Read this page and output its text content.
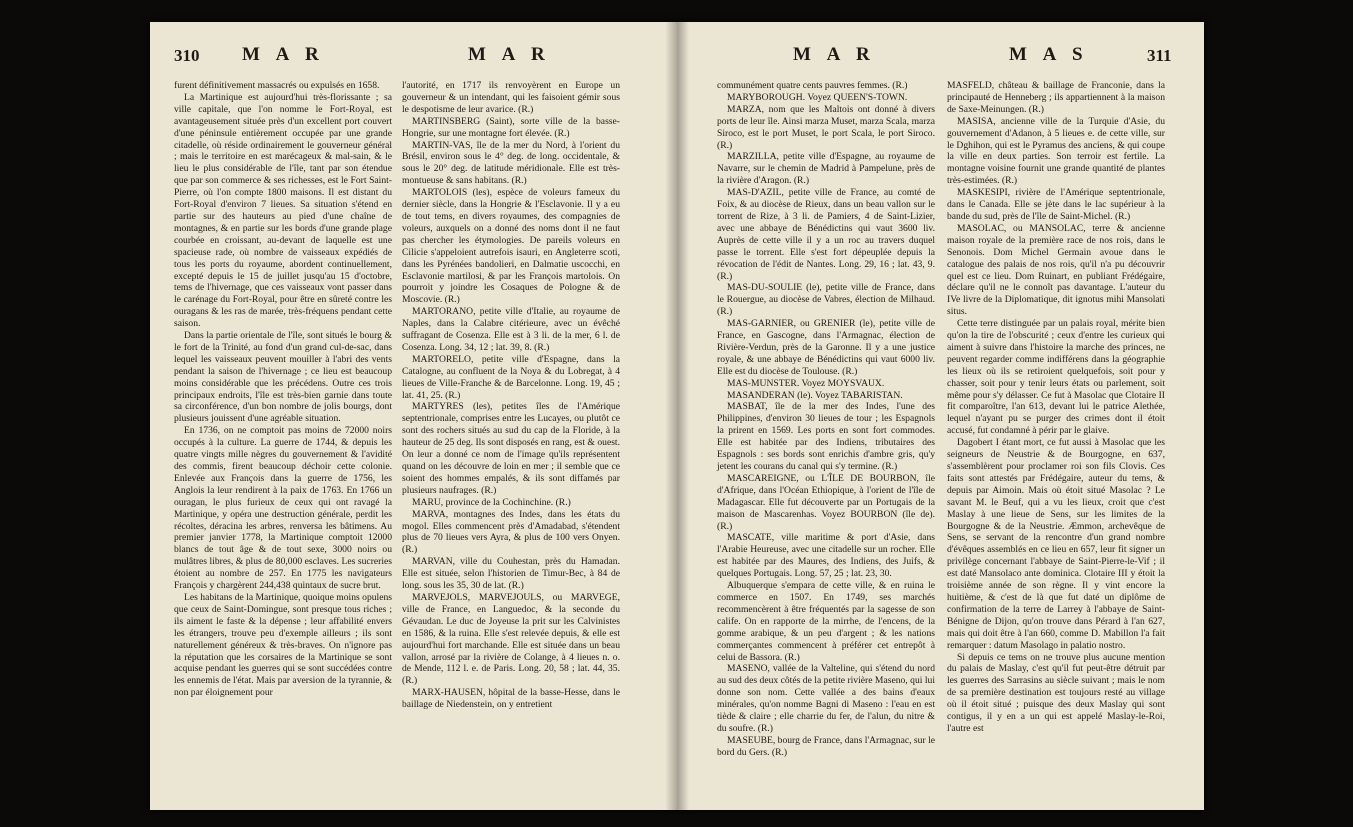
310 M A R	M A R

furent définitivement massacrés ou expulsés en 1658.

La Martinique est aujourd'hui très-florissante ; sa ville capitale, que l'on nomme le Fort-Royal, est avantageusement située près d'un excellent port couvert d'une péninsule entièrement occupée par une grande citadelle, où réside ordinairement le gouverneur général ; mais le territoire en est marécageux & mal-sain, & le lieu le plus considérable de l'île, tant par son étendue que par son commerce & ses richesses, est le Fort Saint-Pierre, où l'on compte 1800 maisons. Il est distant du Fort-Royal d'environ 7 lieues. Sa situation s'étend en partie sur des hauteurs au pied d'une chaîne de montagnes, & en partie sur les bords d'une grande plage courbée en croissant, au-devant de laquelle est une spacieuse rade, où nombre de vaisseaux expédiés de tous les ports du royaume, abordent continuellement, excepté depuis le 15 de juillet jusqu'au 15 d'octobre, tems de l'hivernage, que ces vaisseaux vont passer dans le carénage du Fort-Royal, pour être en sûreté contre les ouragans & les ras de marée, très-fréquens pendant cette saison.

Dans la partie orientale de l'île, sont situés le bourg & le fort de la Trinité, au fond d'un grand cul-de-sac, dans lequel les vaisseaux peuvent mouiller à l'abri des vents pendant la saison de l'hivernage ; ce lieu est beaucoup moins considérable que les précédens. Outre ces trois principaux endroits, l'île est très-bien garnie dans toute sa circonférence, d'un bon nombre de jolis bourgs, dont plusieurs jouissent d'une agréable situation.

En 1736, on ne comptoit pas moins de 72000 noirs occupés à la culture. La guerre de 1744, & depuis les quatre vingts mille nègres du gouvernement & l'avidité des commis, firent beaucoup déchoir cette colonie. Enlevée aux François dans la guerre de 1756, les Anglois la leur rendirent à la paix de 1763. En 1766 un ouragan, le plus furieux de ceux qui ont ravagé la Martinique, y opéra une destruction générale, perdit les récoltes, déracina les arbres, renversa les bâtimens. Au premier janvier 1778, la Martinique comptoit 12000 blancs de tout âge & de tout sexe, 3000 noirs ou mulâtres libres, & plus de 80,000 esclaves. Les sucreries étoient au nombre de 257. En 1775 les navigateurs François y chargèrent 244,438 quintaux de sucre brut.

Les habitans de la Martinique, quoique moins opulens que ceux de Saint-Domingue, sont presque tous riches ; ils aiment le faste & la dépense ; leur affabilité envers les étrangers, trouve peu d'exemple ailleurs ; ils sont naturellement généreux & très-braves. On n'ignore pas la réputation que les corsaires de la Martinique se sont acquise pendant les guerres qui se sont succédées contre les ennemis de l'état. Mais par aversion de la tyrannie, & non par éloignement pour

l'autorité, en 1717 ils renvoyèrent en Europe un gouverneur & un intendant, qui les faisoient gémir sous le despotisme de leur avarice. (R.)

MARTINSBERG (Saint), sorte ville de la basse-Hongrie, sur une montagne fort élevée. (R.)

MARTIN-VAS, île de la mer du Nord, à l'orient du Brésil, environ sous le 4° deg. de long. occidentale, & sous le 20° deg. de latitude méridionale. Elle est très-montueuse & sans habitans. (R.)

MARTOLOIS (les), espèce de voleurs fameux du dernier siècle, dans la Hongrie & l'Esclavonie. Il y a eu de tout tems, en divers royaumes, des compagnies de voleurs, auxquels on a donné des noms dont il ne faut pas chercher les étymologies. De pareils voleurs en Cilicie s'appeloient autrefois isauri, en Angleterre scoti, dans les Pyrénées bandolieri, en Dalmatie uscocchi, en Esclavonie martilosi, & par les François martolois. On pourroit y joindre les Cosaques de Pologne & de Moscovie. (R.)

MARTORANO, petite ville d'Italie, au royaume de Naples, dans la Calabre citérieure, avec un évêché suffragant de Cosenza. Elle est à 3 li. de la mer, 6 l. de Cosenza. Long. 34, 12 ; lat. 39, 8. (R.)

MARTORELO, petite ville d'Espagne, dans la Catalogne, au confluent de la Noya & du Lobregat, à 4 lieues de Ville-Franche & de Barcelonne. Long. 19, 45 ; lat. 41, 25. (R.)

MARTYRES (les), petites îles de l'Amérique septentrionale, comprises entre les Lucayes, ou plutôt ce sont des rochers situés au sud du cap de la Floride, à la hauteur de 25 deg. Ils sont disposés en rang, est & ouest. On leur a donné ce nom de l'image qu'ils représentent quand on les découvre de loin en mer ; il semble que ce soient des hommes empalés, & ils sont diffamés par plusieurs naufrages. (R.)

MARU, province de la Cochinchine. (R.)

MARVA, montagnes des Indes, dans les états du mogol. Elles commencent près d'Amadabad, s'étendent plus de 70 lieues vers Ayra, & plus de 100 vers Onyen. (R.)

MARVAN, ville du Couhestan, près du Hamadan. Elle est située, selon l'historien de Timur-Bec, à 84 de long. sous les 35, 30 de lat. (R.)

MARVEJOLS, MARVEJOULS, ou MARVEGE, ville de France, en Languedoc, & la seconde du Gévaudan. Le duc de Joyeuse la prit sur les Calvinistes en 1586, & la ruina. Elle s'est relevée depuis, & elle est aujourd'hui fort marchande. Elle est située dans un beau vallon, arrosé par la rivière de Colange, à 4 lieues n. o. de Mende, 112 l. e. de Paris. Long. 20, 58 ; lat. 44, 35. (R.)

MARX-HAUSEN, hôpital de la basse-Hesse, dans le baillage de Niedenstein, on y entretient

M A R	M A S	311

communément quatre cents pauvres femmes. (R.)

MARYBOROUGH. Voyez QUEEN'S-TOWN.

MARZA, nom que les Maltois ont donné à divers ports de leur île. Ainsi marza Muset, marza Scala, marza Siroco, est le port Muset, le port Scala, le port Siroco. (R.)

MARZILLA, petite ville d'Espagne, au royaume de Navarre, sur le chemin de Madrid à Pampelune, près de la rivière d'Aragon. (R.)

MAS-D'AZIL, petite ville de France, au comté de Foix, & au diocèse de Rieux, dans un beau vallon sur le torrent de Rize, à 3 li. de Pamiers, 4 de Saint-Lizier, avec une abbaye de Bénédictins qui vaut 3600 liv. Auprès de cette ville il y a un roc au travers duquel passe le torrent. Elle s'est fort dépeuplée depuis la révocation de l'édit de Nantes. Long. 29, 16 ; lat. 43, 9. (R.)

MAS-DU-SOULIE (le), petite ville de France, dans le Rouergue, au diocèse de Vabres, élection de Milhaud. (R.)

MAS-GARNIER, ou GRENIER (le), petite ville de France, en Gascogne, dans l'Armagnac, élection de Rivière-Verdun, près de la Garonne. Il y a une justice royale, & une abbaye de Bénédictins qui vaut 6000 liv. Elle est du diocèse de Toulouse. (R.)

MAS-MUNSTER. Voyez MOYSVAUX.

MASANDERAN (le). Voyez TABARISTAN.

MASBAT, île de la mer des Indes, l'une des Philippines, d'environ 30 lieues de tour ; les Espagnols la prirent en 1569. Les ports en sont fort commodes. Elle est habitée par des Indiens, tributaires des Espagnols : ses bords sont enrichis d'ambre gris, qu'y jetent les courans du canal qui s'y termine. (R.)

MASCAREIGNE, ou L'ÎLE DE BOURBON, île d'Afrique, dans l'Océan Ethiopique, à l'orient de l'île de Madagascar. Elle fut découverte par un Portugais de la maison de Mascarenhas. Voyez BOURBON (île de). (R.)

MASCATE, ville maritime & port d'Asie, dans l'Arabie Heureuse, avec une citadelle sur un rocher. Elle est habitée par des Maures, des Indiens, des Juifs, & quelques Portugais. Long. 57, 25 ; lat. 23, 30.

Albuquerque s'empara de cette ville, & en ruina le commerce en 1507. En 1749, ses marchés recommencèrent à être fréquentés par la sagesse de son calife. On en rapporte de la mirrhe, de l'encens, de la gomme arabique, & un peu d'argent ; & les nations commerçantes commencent à préférer cet entrepôt à celui de Bassora. (R.)

MASENO, vallée de la Valteline, qui s'étend du nord au sud des deux côtés de la petite rivière Maseno, qui lui donne son nom. Cette vallée a des bains d'eaux minérales, qu'on nomme Bagni di Maseno : l'eau en est tiède & claire ; elle charrie du fer, de l'alun, du nitre & du soufre. (R.)

MASEUBE, bourg de France, dans l'Armagnac, sur le bord du Gers. (R.)

MASFELD, château & baillage de Franconie, dans la principauté de Henneberg ; ils appartiennent à la maison de Saxe-Meinungen. (R.)

MASISA, ancienne ville de la Turquie d'Asie, du gouvernement d'Adanon, à 5 lieues e. de cette ville, sur le Dghihon, qui est le Pyramus des anciens, & qui coupe la ville en deux parties. Son terroir est fertile. La montagne voisine fournit une grande quantité de plantes très-estimées. (R.)

MASKESIPI, rivière de l'Amérique septentrionale, dans le Canada. Elle se jète dans le lac supérieur à la bande du sud, près de l'île de Saint-Michel. (R.)

MASOLAC, ou MANSOLAC, terre & ancienne maison royale de la première race de nos rois, dans le Senonois. Dom Michel Germain avoue dans le catalogue des palais de nos rois, qu'il n'a pu découvrir quel est ce lieu. Dom Ruinart, en publiant Frédégaire, déclare qu'il ne le connoît pas davantage. L'auteur du IVe livre de la Diplomatique, dit ignotus mihi Mansolati situs.

Cette terre distinguée par un palais royal, mérite bien qu'on la tire de l'obscurité ; ceux d'entre les curieux qui aiment à suivre dans l'histoire la marche des princes, ne peuvent regarder comme indifférens dans la géographie les lieux où ils se retiroient quelquefois, soit pour y chasser, soit pour y tenir leurs états ou parlement, soit même pour s'y délasser. Ce fut à Masolac que Clotaire II fit comparoître, l'an 613, devant lui le patrice Alethée, lequel n'ayant pu se purger des crimes dont il étoit accusé, fut condamné à périr par le glaive.

Dagobert I étant mort, ce fut aussi à Masolac que les seigneurs de Neustrie & de Bourgogne, en 637, s'assemblèrent pour proclamer roi son fils Clovis. Ces faits sont attestés par Frédégaire, auteur du tems, & depuis par Aimoin. Mais où étoit situé Masolac ? Le savant M. le Beuf, qui a vu les lieux, croit que c'est Maslay à une lieue de Sens, sur les limites de la Bourgogne & de la Neustrie. Æmmon, archevêque de Sens, se servant de la rencontre d'un grand nombre d'évêques assemblés en ce lieu en 657, leur fit signer un privilège concernant l'abbaye de Saint-Pierre-le-Vif ; il est daté Mansolaco ante dominica. Clotaire III y étoit la troisième année de son règne. Il y vint encore la huitième, & c'est de là que fut daté un diplôme de confirmation de la terre de Larrey à l'abbaye de Saint-Bénigne de Dijon, qu'on trouve dans Pérard à l'an 627, mais qui doit être à l'an 660, comme D. Mabillon l'a fait remarquer : datum Masolago in palatio nostro.

Si depuis ce tems on ne trouve plus aucune mention du palais de Maslay, c'est qu'il fut peut-être détruit par les guerres des Sarrasins au siècle suivant ; mais le nom de sa première destination est toujours resté au village où il étoit situé ; puisque des deux Maslay qui sont contigus, il y en a un qui est appelé Maslay-le-Roi, l'autre est
